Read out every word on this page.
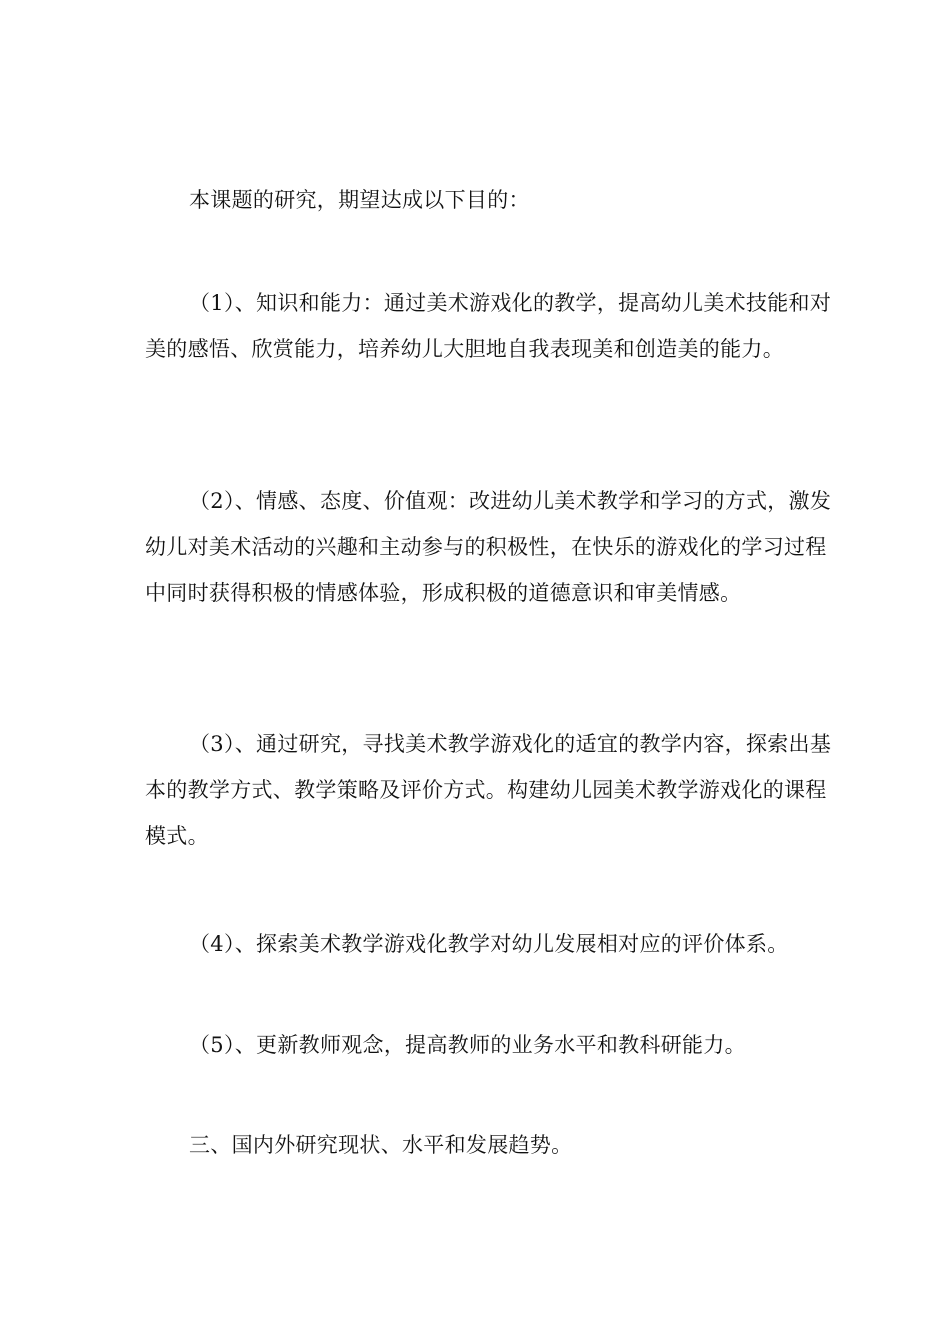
本课题的研究，期望达成以下目的：

（1）、知识和能力：通过美术游戏化的教学，提高幼儿美术技能和对美的感悟、欣赏能力，培养幼儿大胆地自我表现美和创造美的能力。

（2）、情感、态度、价值观：改进幼儿美术教学和学习的方式，激发幼儿对美术活动的兴趣和主动参与的积极性，在快乐的游戏化的学习过程中同时获得积极的情感体验，形成积极的道德意识和审美情感。

（3）、通过研究，寻找美术教学游戏化的适宜的教学内容，探索出基本的教学方式、教学策略及评价方式。构建幼儿园美术教学游戏化的课程模式。

（4）、探索美术教学游戏化教学对幼儿发展相对应的评价体系。

（5）、更新教师观念，提高教师的业务水平和教科研能力。

三、国内外研究现状、水平和发展趋势。
